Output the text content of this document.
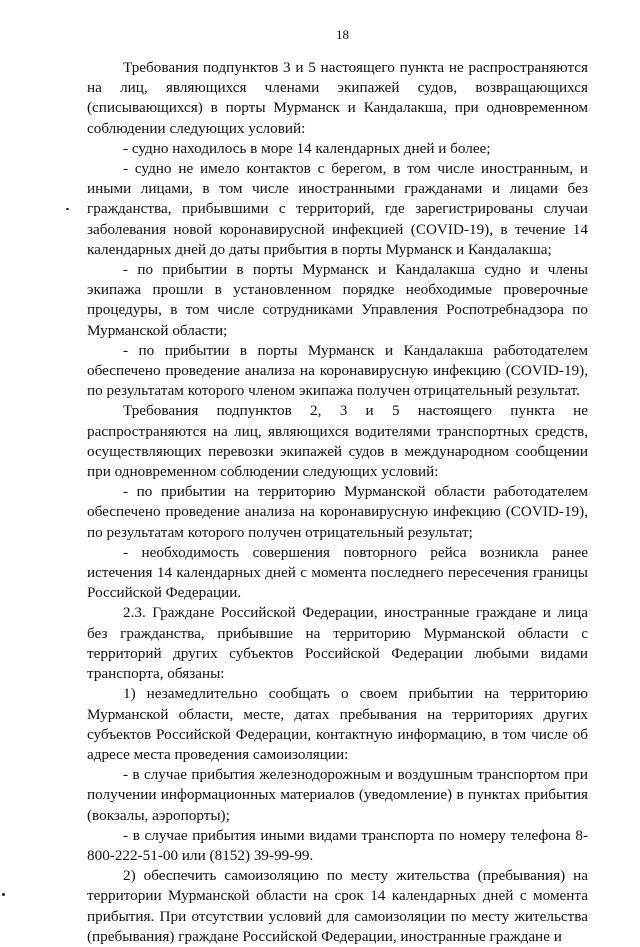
18

Требования подпунктов 3 и 5 настоящего пункта не распространяются на лиц, являющихся членами экипажей судов, возвращающихся (списывающихся) в порты Мурманск и Кандалакша, при одновременном соблюдении следующих условий:

- судно находилось в море 14 календарных дней и более;

- судно не имело контактов с берегом, в том числе иностранным, и иными лицами, в том числе иностранными гражданами и лицами без гражданства, прибывшими с территорий, где зарегистрированы случаи заболевания новой коронавирусной инфекцией (COVID-19), в течение 14 календарных дней до даты прибытия в порты Мурманск и Кандалакша;

- по прибытии в порты Мурманск и Кандалакша судно и члены экипажа прошли в установленном порядке необходимые проверочные процедуры, в том числе сотрудниками Управления Роспотребнадзора по Мурманской области;

- по прибытии в порты Мурманск и Кандалакша работодателем обеспечено проведение анализа на коронавирусную инфекцию (COVID-19), по результатам которого членом экипажа получен отрицательный результат.

Требования подпунктов 2, 3 и 5 настоящего пункта не распространяются на лиц, являющихся водителями транспортных средств, осуществляющих перевозки экипажей судов в международном сообщении при одновременном соблюдении следующих условий:

- по прибытии на территорию Мурманской области работодателем обеспечено проведение анализа на коронавирусную инфекцию (COVID-19), по результатам которого получен отрицательный результат;

- необходимость совершения повторного рейса возникла ранее истечения 14 календарных дней с момента последнего пересечения границы Российской Федерации.

2.3. Граждане Российской Федерации, иностранные граждане и лица без гражданства, прибывшие на территорию Мурманской области с территорий других субъектов Российской Федерации любыми видами транспорта, обязаны:

1) незамедлительно сообщать о своем прибытии на территорию Мурманской области, месте, датах пребывания на территориях других субъектов Российской Федерации, контактную информацию, в том числе об адресе места проведения самоизоляции:

- в случае прибытия железнодорожным и воздушным транспортом при получении информационных материалов (уведомление) в пунктах прибытия (вокзалы, аэропорты);

- в случае прибытия иными видами транспорта по номеру телефона 8-800-222-51-00 или (8152) 39-99-99.

2) обеспечить самоизоляцию по месту жительства (пребывания) на территории Мурманской области на срок 14 календарных дней с момента прибытия. При отсутствии условий для самоизоляции по месту жительства (пребывания) граждане Российской Федерации, иностранные граждане и
